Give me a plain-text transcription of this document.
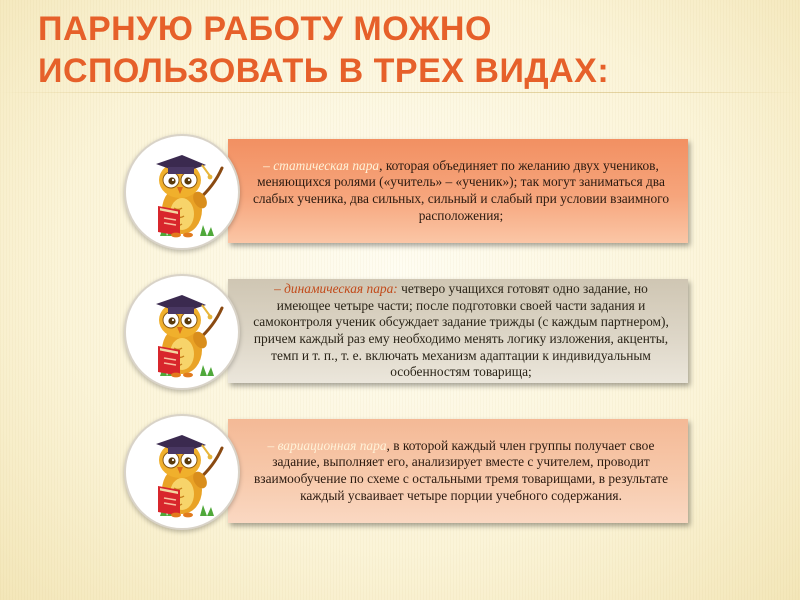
ПАРНУЮ РАБОТУ МОЖНО
ИСПОЛЬЗОВАТЬ В ТРЕХ ВИДАХ:
– статическая пара, которая объединяет по желанию двух учеников, меняющихся ролями («учитель» – «ученик»); так могут заниматься два слабых ученика, два сильных, сильный и слабый при условии взаимного расположения;
– динамическая пара: четверо учащихся готовят одно задание, но имеющее четыре части; после подготовки своей части задания и самоконтроля ученик обсуждает задание трижды (с каждым партнером), причем каждый раз ему необходимо менять логику изложения, акценты, темп и т. п., т. е. включать механизм адаптации к индивидуальным особенностям товарища;
– вариационная пара, в которой каждый член группы получает свое задание, выполняет его, анализирует вместе с учителем, проводит взаимообучение по схеме с остальными тремя товарищами, в результате каждый усваивает четыре порции учебного содержания.
